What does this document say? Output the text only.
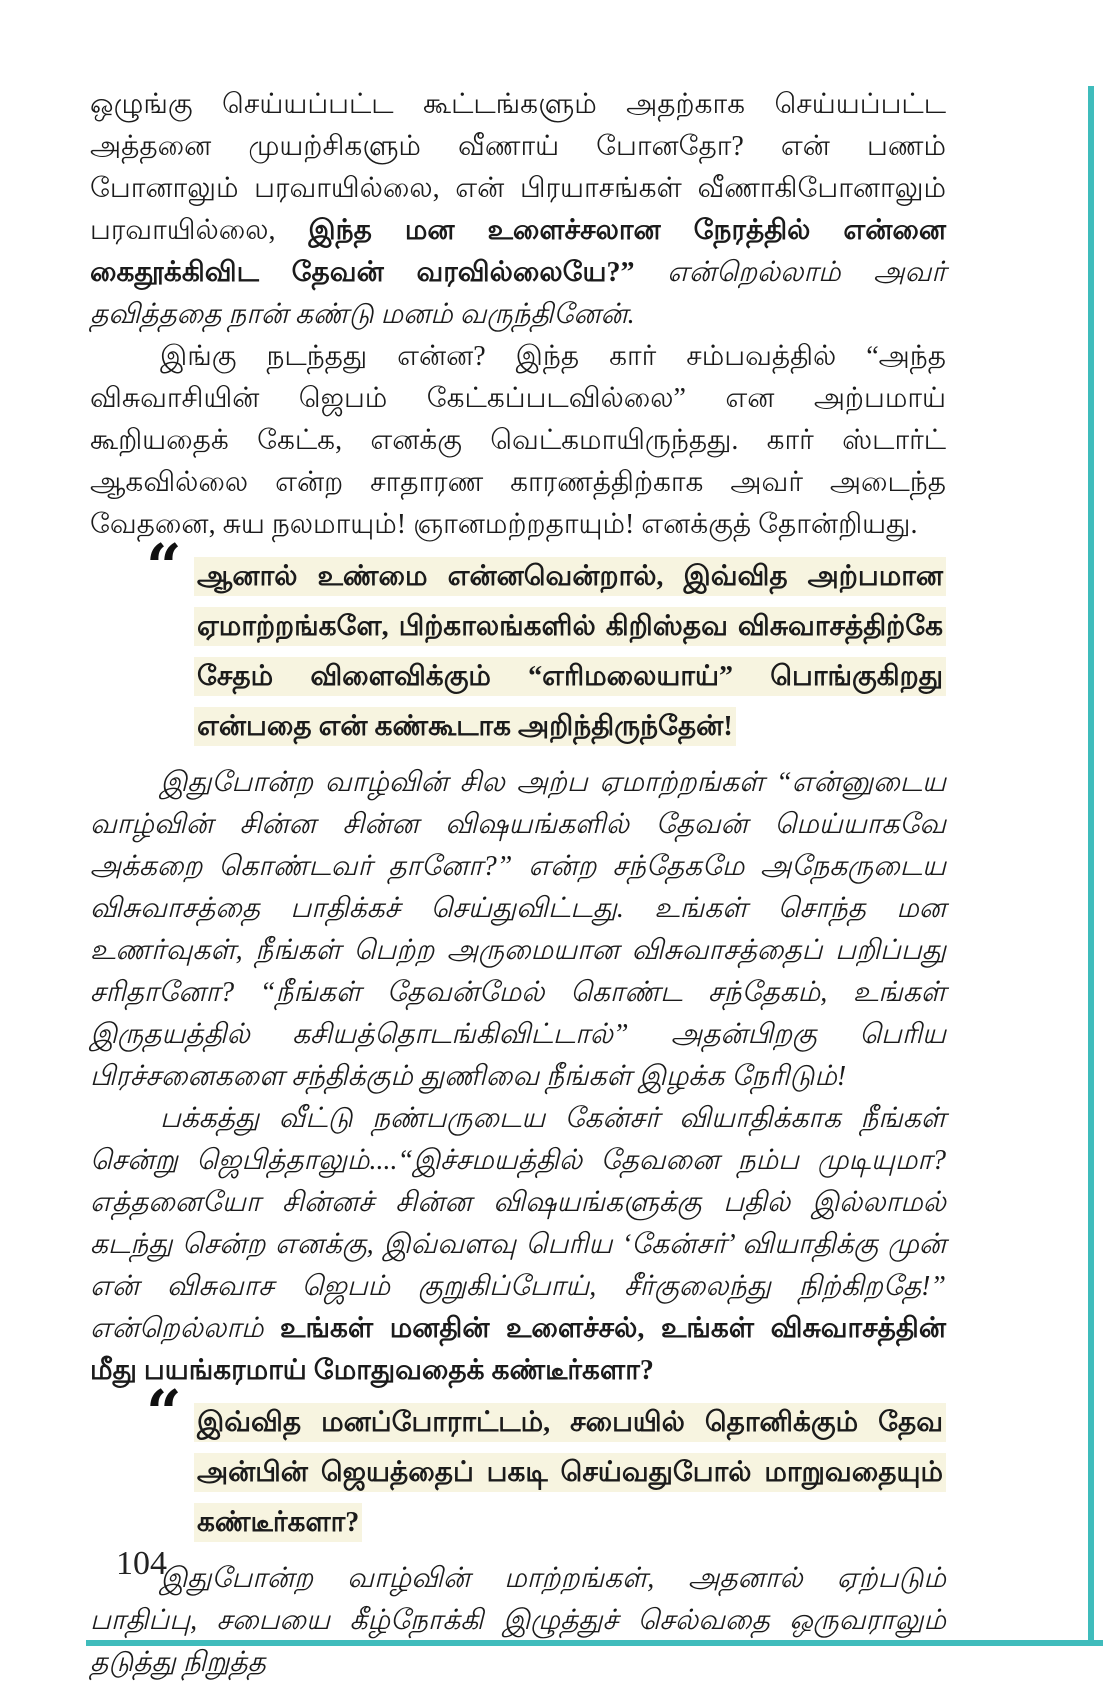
ஒழுங்கு செய்யப்பட்ட கூட்டங்களும் அதற்காக செய்யப்பட்ட அத்தனை முயற்சிகளும் வீணாய் போனதோ? என் பணம் போனாலும் பரவாயில்லை, என் பிரயாசங்கள் வீணாகிபோனாலும் பரவாயில்லை, இந்த மன உளைச்சலான நேரத்தில் என்னை கைதூக்கிவிட தேவன் வரவில்லையே?” என்றெல்லாம் அவர் தவித்ததை நான் கண்டு மனம் வருந்தினேன்.

இங்கு நடந்தது என்ன? இந்த கார் சம்பவத்தில் “அந்த விசுவாசியின் ஜெபம் கேட்கப்படவில்லை” என அற்பமாய் கூறியதைக் கேட்க, எனக்கு வெட்கமாயிருந்தது. கார் ஸ்டார்ட் ஆகவில்லை என்ற சாதாரண காரணத்திற்காக அவர் அடைந்த வேதனை, சுய நலமாயும்! ஞானமற்றதாயும்! எனக்குத் தோன்றியது.

“ ஆனால் உண்மை என்னவென்றால், இவ்வித அற்பமான ஏமாற்றங்களே, பிற்காலங்களில் கிறிஸ்தவ விசுவாசத்திற்கே சேதம் விளைவிக்கும் “எரிமலையாய்” பொங்குகிறது என்பதை என் கண்கூடாக அறிந்திருந்தேன்!

இதுபோன்ற வாழ்வின் சில அற்ப ஏமாற்றங்கள் “என்னுடைய வாழ்வின் சின்ன சின்ன விஷயங்களில் தேவன் மெய்யாகவே அக்கறை கொண்டவர் தானோ?” என்ற சந்தேகமே அநேகருடைய விசுவாசத்தை பாதிக்கச் செய்துவிட்டது. உங்கள் சொந்த மன உணர்வுகள், நீங்கள் பெற்ற அருமையான விசுவாசத்தைப் பறிப்பது சரிதானோ? “நீங்கள் தேவன்மேல் கொண்ட சந்தேகம், உங்கள் இருதயத்தில் கசியத்தொடங்கிவிட்டால்” அதன்பிறகு பெரிய பிரச்சனைகளை சந்திக்கும் துணிவை நீங்கள் இழக்க நேரிடும்!

பக்கத்து வீட்டு நண்பருடைய கேன்சர் வியாதிக்காக நீங்கள் சென்று ஜெபித்தாலும்....“இச்சமயத்தில் தேவனை நம்ப முடியுமா? எத்தனையோ சின்னச் சின்ன விஷயங்களுக்கு பதில் இல்லாமல் கடந்து சென்ற எனக்கு, இவ்வளவு பெரிய ‘கேன்சர்’ வியாதிக்கு முன் என் விசுவாச ஜெபம் குறுகிப்போய், சீர்குலைந்து நிற்கிறதே!” என்றெல்லாம் உங்கள் மனதின் உளைச்சல், உங்கள் விசுவாசத்தின் மீது பயங்கரமாய் மோதுவதைக் கண்டீர்களா?

“ இவ்வித மனப்போராட்டம், சபையில் தொனிக்கும் தேவ அன்பின் ஜெயத்தைப் பகடி செய்வதுபோல் மாறுவதையும் கண்டீர்களா?

இதுபோன்ற வாழ்வின் மாற்றங்கள், அதனால் ஏற்படும் பாதிப்பு, சபையை கீழ்நோக்கி இழுத்துச் செல்வதை ஒருவராலும் தடுத்து நிறுத்த

104
